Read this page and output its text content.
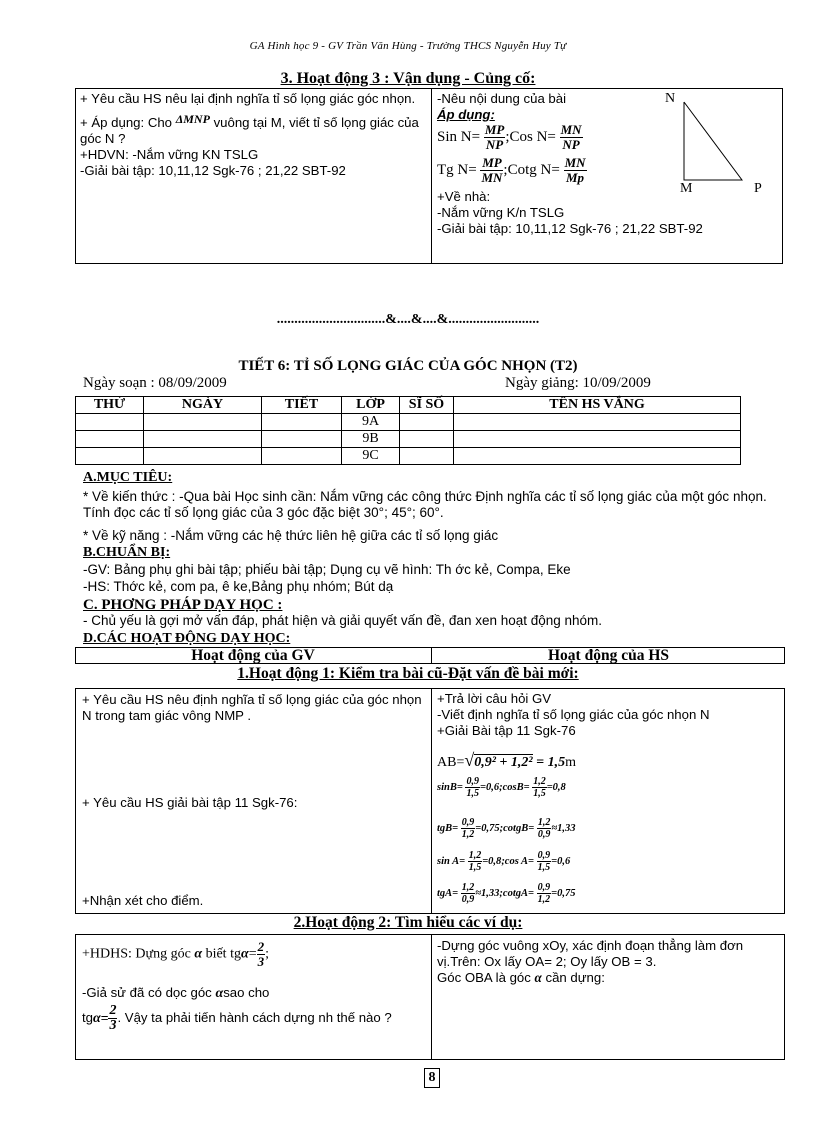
GA Hình học 9 - GV Trần Văn Hùng - Trường THCS Nguyễn Huy Tự
3. Hoạt động 3 : Vận dụng - Củng cố:
+ Yêu cầu HS nêu lại định nghĩa tỉ số lọng giác góc nhọn.
+ Áp dụng: Cho ΔMNP vuông tại M, viết tỉ số lọng giác của góc N ?
+HDVN: -Nắm vững KN TSLG
-Giải bài tập: 10,11,12 Sgk-76 ; 21,22 SBT-92
-Nêu nội dung của bài
Áp dụng:
Sin $N= \frac{MP}{NP}$ ;Cos $N= \frac{MN}{NP}$
Tg $N= \frac{MP}{MN}$ ;Cotg $N= \frac{MN}{Mp}$
+Về nhà:
-Nắm vững K/n TSLG
-Giải bài tập: 10,11,12 Sgk-76 ; 21,22 SBT-92
N
M	P
...............................&....&....&..........................
TIẾT 6: TỈ SỐ LỌNG GIÁC CỦA GÓC NHỌN (T2)
Ngày soạn : 08/09/2009	Ngày giảng: 10/09/2009
THỨ	NGÀY	TIẾT	LỚP	SĨ SỐ	TÊN HS VẮNG
			9A		
			9B		
			9C		
A.MỤC TIÊU:
* Về kiến thức : -Qua bài Học sinh cần: Nắm vững các công thức Định nghĩa các tỉ số lọng giác của một góc nhọn. Tính đọc các tỉ số lọng giác của 3 góc đặc biệt 30°; 45°; 60°.
* Về kỹ năng : -Nắm vững các hệ thức liên hệ giữa các tỉ số lọng giác
B.CHUẨN BỊ:
-GV: Bảng phụ ghi bài tập; phiếu bài tập; Dụng cụ vẽ hình: Th ớc kẻ, Compa, Eke
-HS: Thớc kẻ, com pa, ê ke,Bảng phụ nhóm; Bút dạ
C. PHƠNG PHÁP DẠY HỌC :
- Chủ yếu là gợi mở vấn đáp, phát hiện và giải quyết vấn đề, đan xen hoạt động nhóm.
D.CÁC HOẠT ĐỘNG DẠY HỌC:
Hoạt động của GV	Hoạt động của HS
1.Hoạt động 1: Kiểm tra bài cũ-Đặt vấn đề bài mới:
+ Yêu cầu HS nêu định nghĩa tỉ số lọng giác của góc nhọn N trong tam giác vông NMP .
+ Yêu cầu HS giải bài tập 11 Sgk-76:
+Nhận xét cho điểm.
+Trả lời câu hỏi GV
-Viết định nghĩa tỉ số lọng giác của góc nhọn N
+Giải Bài tập 11 Sgk-76
AB=√0,9² + 1,2² = 1,5m
$\sin B= \frac{0,9}{1,5}$ =0,6;cosB= $\frac{1,2}{1,5} =0,8$
$tgB= \frac{0,9}{1,2}$ =0,75;cotgB= $\frac{1,2}{0,9} \approx 1,33$
$\sin A= \frac{1,2}{1,5}$ =0,8;cos $A= \frac{0,9}{1,5} =0,6$
$tgA= \frac{1,2}{0,9}$ ≈1,33;cotgA= $\frac{0,9}{1,2} =0,75$
2.Hoạt động 2: Tìm hiểu các ví dụ:
+HDHS: Dựng góc α biết $tg\alpha= \frac{2}{3}$ ;
-Giả sử đã có dọc góc αsao cho
$tg\alpha= \frac{2}{3}$ . Vậy ta phải tiến hành cách dựng nh thế nào ?
-Dựng góc vuông xOy, xác định đoạn thẳng làm đơn vị.Trên: Ox lấy OA= 2; Oy lấy OB = 3.
Góc OBA là góc α cần dựng:
8
